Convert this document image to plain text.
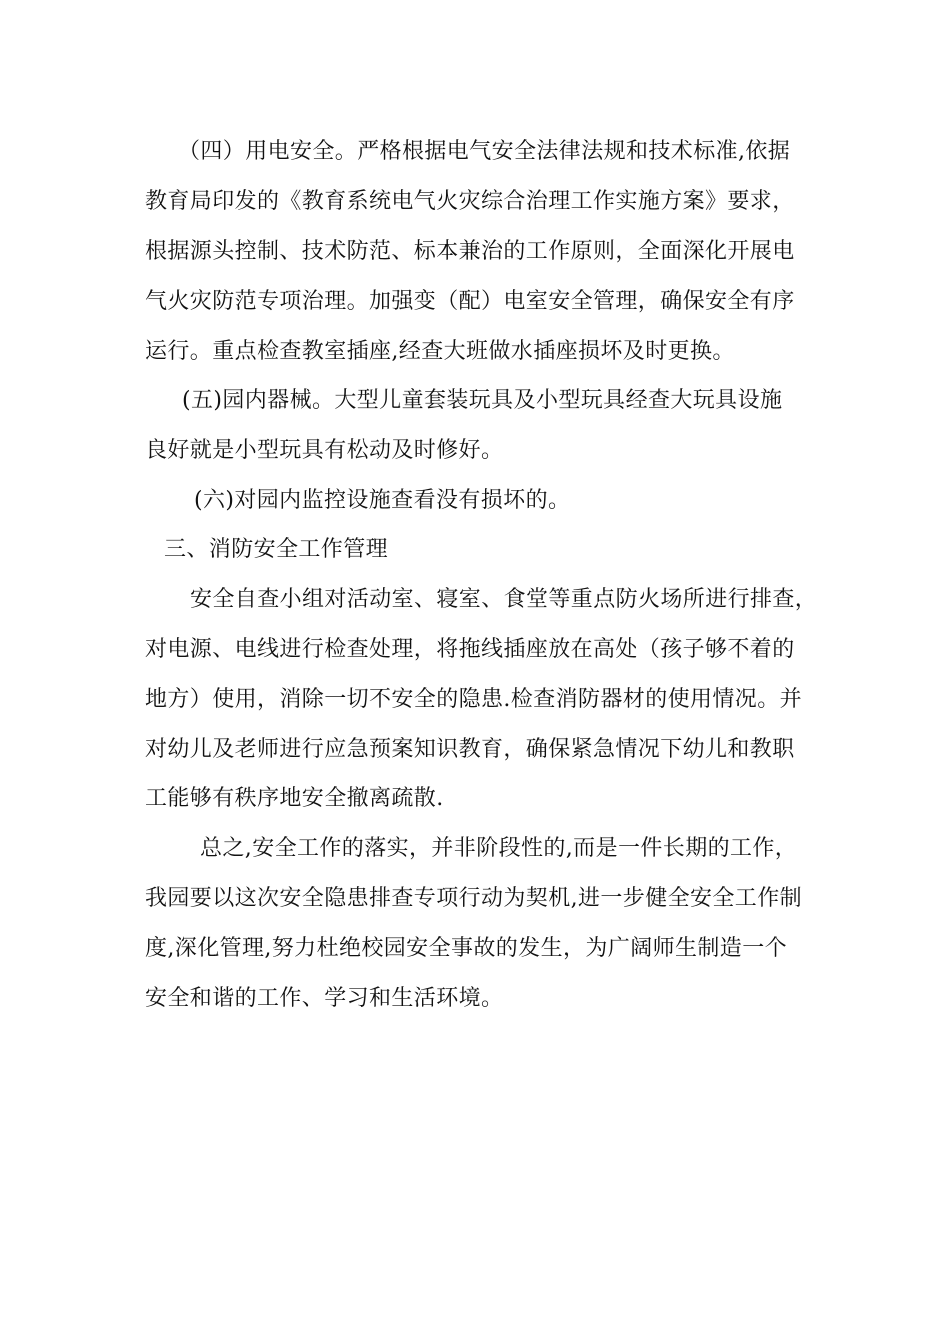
（四）用电安全。严格根据电气安全法律法规和技术标准,依据
教育局印发的《教育系统电气火灾综合治理工作实施方案》要求，
根据源头控制、技术防范、标本兼治的工作原则，全面深化开展电
气火灾防范专项治理。加强变（配）电室安全管理，确保安全有序
运行。重点检查教室插座,经查大班做水插座损坏及时更换。
(五)园内器械。大型儿童套装玩具及小型玩具经查大玩具设施
良好就是小型玩具有松动及时修好。
(六)对园内监控设施查看没有损坏的。
三、消防安全工作管理
安全自查小组对活动室、寝室、食堂等重点防火场所进行排查，
对电源、电线进行检查处理，将拖线插座放在高处（孩子够不着的
地方）使用，消除一切不安全的隐患.检查消防器材的使用情况。并
对幼儿及老师进行应急预案知识教育，确保紧急情况下幼儿和教职
工能够有秩序地安全撤离疏散.
总之,安全工作的落实，并非阶段性的,而是一件长期的工作，
我园要以这次安全隐患排查专项行动为契机,进一步健全安全工作制
度,深化管理,努力杜绝校园安全事故的发生，为广阔师生制造一个
安全和谐的工作、学习和生活环境。
